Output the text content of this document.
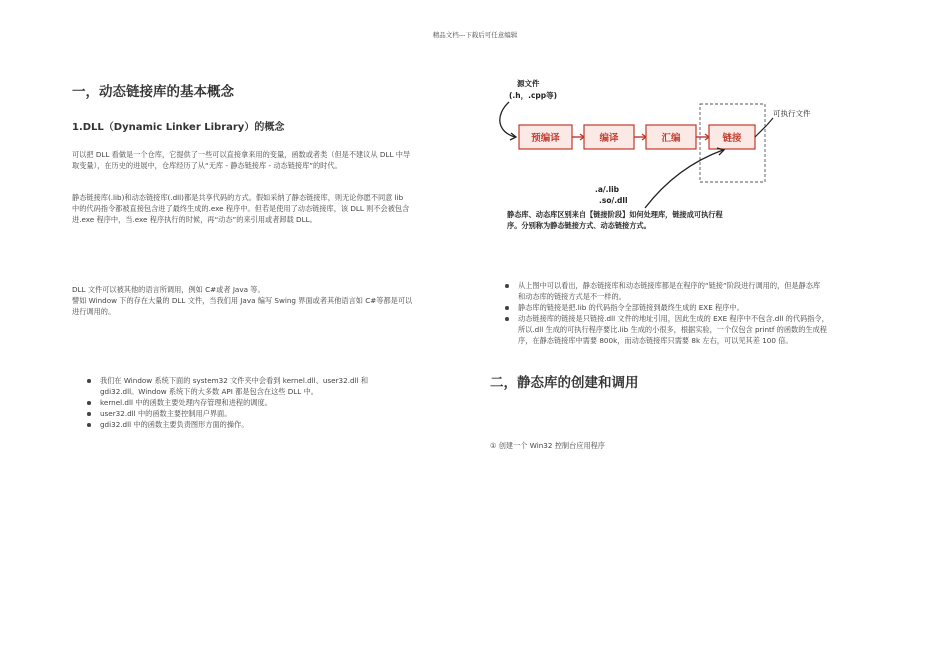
精品文档---下载后可任意编辑

一，动态链接库的基本概念

1.DLL（Dynamic Linker Library）的概念

可以把 DLL 看做是一个仓库，它提供了一些可以直接拿来用的变量，函数或者类（但是不建议从 DLL 中导

取变量），在历史的进展中，仓库经历了从“无库 - 静态链接库 - 动态链接库”的时代。

静态链接库(.lib)和动态链接库(.dll)都是共享代码的方式。假如采纳了静态链接库，则无论你愿不同意 lib

中的代码指令都被直接包含进了最终生成的.exe 程序中。但若是使用了动态链接库，该 DLL 则不会被包含

进.exe 程序中，当.exe 程序执行的时候，再“动态”的来引用或者卸载 DLL。

DLL 文件可以被其他的语言所调用，例如 C#或者 Java 等。

譬如 Window 下的存在大量的 DLL 文件，当我们用 Java 编写 Swing 界面或者其他语言如 C#等都是可以

进行调用的。

我们在 Window 系统下面的 system32 文件夹中会看到 kernel.dll、user32.dll 和
gdi32.dll。Window 系统下的大多数 API 都是包含在这些 DLL 中。
kernel.dll 中的函数主要处理内存管理和进程的调度。
user32.dll 中的函数主要控制用户界面。
gdi32.dll 中的函数主要负责图形方面的操作。
源文件
(.h，.cpp等)
预编译	编译	汇编	链接
可执行文件
.a/.lib
.so/.dll
静态库、动态库区别来自【链接阶段】如何处理库，链接成可执行程
序。分别称为静态链接方式、动态链接方式。
从上图中可以看出，静态链接库和动态链接库都是在程序的“链接”阶段进行调用的，但是静态库
和动态库的链接方式是不一样的。
静态库的链接是把.lib 的代码指令全部链接到最终生成的 EXE 程序中。
动态链接库的链接是只链接.dll 文件的地址引用，因此生成的 EXE 程序中不包含.dll 的代码指令，
所以.dll 生成的可执行程序要比.lib 生成的小很多，根据实验，一个仅包含 printf 的函数的生成程
序，在静态链接库中需要 800k，而动态链接库只需要 8k 左右，可以见其差 100 倍。

二，静态库的创建和调用

① 创建一个 Win32 控制台应用程序
